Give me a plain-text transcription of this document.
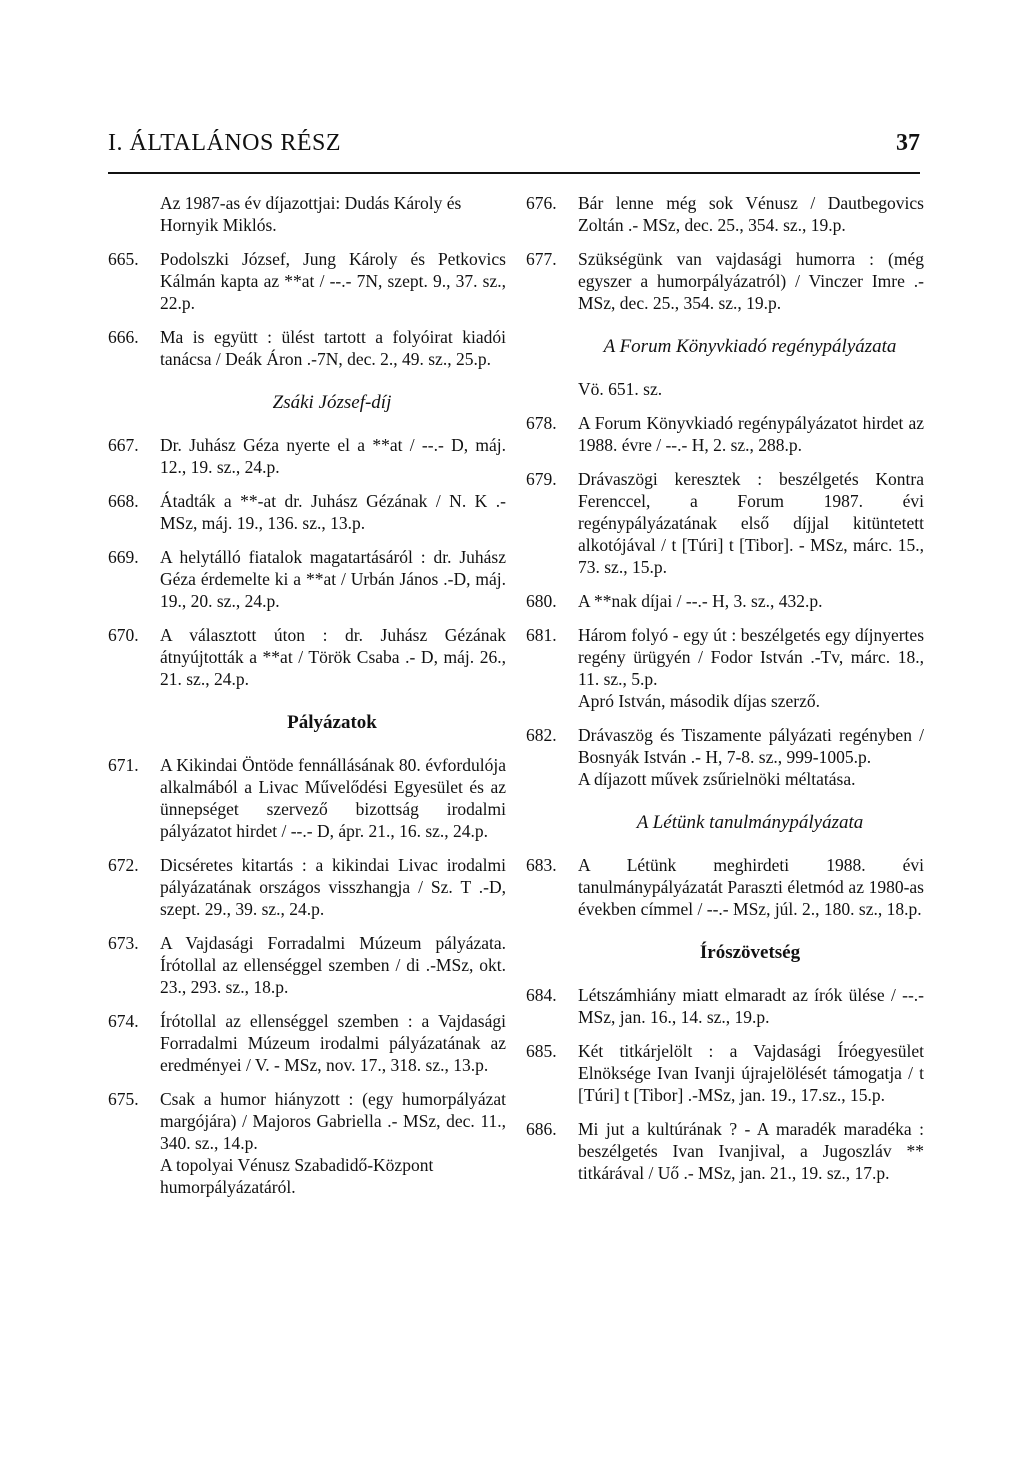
I. ÁLTALÁNOS RÉSZ	37
Az 1987-as év díjazottjai: Dudás Károly és Hornyik Miklós.
665. Podolszki József, Jung Károly és Petkovics Kálmán kapta az **at / --.- 7N, szept. 9., 37. sz., 22.p.
666. Ma is együtt : ülést tartott a folyóirat kiadói tanácsa / Deák Áron .-7N, dec. 2., 49. sz., 25.p.
Zsáki József-díj
667. Dr. Juhász Géza nyerte el a **at / --.- D, máj. 12., 19. sz., 24.p.
668. Átadták a **-at dr. Juhász Gézának / N. K .-MSz, máj. 19., 136. sz., 13.p.
669. A helytálló fiatalok magatartásáról : dr. Juhász Géza érdemelte ki a **at / Urbán János .-D, máj. 19., 20. sz., 24.p.
670. A választott úton : dr. Juhász Gézának átnyújtották a **at / Török Csaba .- D, máj. 26., 21. sz., 24.p.
Pályázatok
671. A Kikindai Öntöde fennállásának 80. évfordulója alkalmából a Livac Művelődési Egyesület és az ünnepséget szervező bizottság irodalmi pályázatot hirdet / --.- D, ápr. 21., 16. sz., 24.p.
672. Dicséretes kitartás : a kikindai Livac irodalmi pályázatának országos visszhangja / Sz. T .-D, szept. 29., 39. sz., 24.p.
673. A Vajdasági Forradalmi Múzeum pályázata. Írótollal az ellenséggel szemben / di .-MSz, okt. 23., 293. sz., 18.p.
674. Írótollal az ellenséggel szemben : a Vajdasági Forradalmi Múzeum irodalmi pályázatának az eredményei / V. - MSz, nov. 17., 318. sz., 13.p.
675. Csak a humor hiányzott : (egy humorpályázat margójára) / Majoros Gabriella .- MSz, dec. 11., 340. sz., 14.p.
A topolyai Vénusz Szabadidő-Központ humorpályázatáról.
676. Bár lenne még sok Vénusz / Dautbegovics Zoltán .- MSz, dec. 25., 354. sz., 19.p.
677. Szükségünk van vajdasági humorra : (még egyszer a humorpályázatról) / Vinczer Imre .-MSz, dec. 25., 354. sz., 19.p.
A Forum Könyvkiadó regénypályázata
Vö. 651. sz.
678. A Forum Könyvkiadó regénypályázatot hirdet az 1988. évre / --.- H, 2. sz., 288.p.
679. Drávaszögi keresztek : beszélgetés Kontra Ferenccel, a Forum 1987. évi regénypályázatának első díjjal kitüntetett alkotójával / t [Túri] t [Tibor]. - MSz, márc. 15., 73. sz., 15.p.
680. A **nak díjai / --.- H, 3. sz., 432.p.
681. Három folyó - egy út : beszélgetés egy díjnyertes regény ürügyén / Fodor István .-Tv, márc. 18., 11. sz., 5.p.
Apró István, második díjas szerző.
682. Drávaszög és Tiszamente pályázati regényben / Bosnyák István .- H, 7-8. sz., 999-1005.p.
A díjazott művek zsűrielnöki méltatása.
A Létünk tanulmánypályázata
683. A Létünk meghirdeti 1988. évi tanulmánypályázatát Paraszti életmód az 1980-as években címmel / --.- MSz, júl. 2., 180. sz., 18.p.
Írószövetség
684. Létszámhiány miatt elmaradt az írók ülése / --.- MSz, jan. 16., 14. sz., 19.p.
685. Két titkárjelölt : a Vajdasági Íróegyesület Elnöksége Ivan Ivanji újrajelölését támogatja / t [Túri] t [Tibor] .-MSz, jan. 19., 17.sz., 15.p.
686. Mi jut a kultúrának ? - A maradék maradéka : beszélgetés Ivan Ivanjival, a Jugoszláv ** titkárával / Uő .- MSz, jan. 21., 19. sz., 17.p.
